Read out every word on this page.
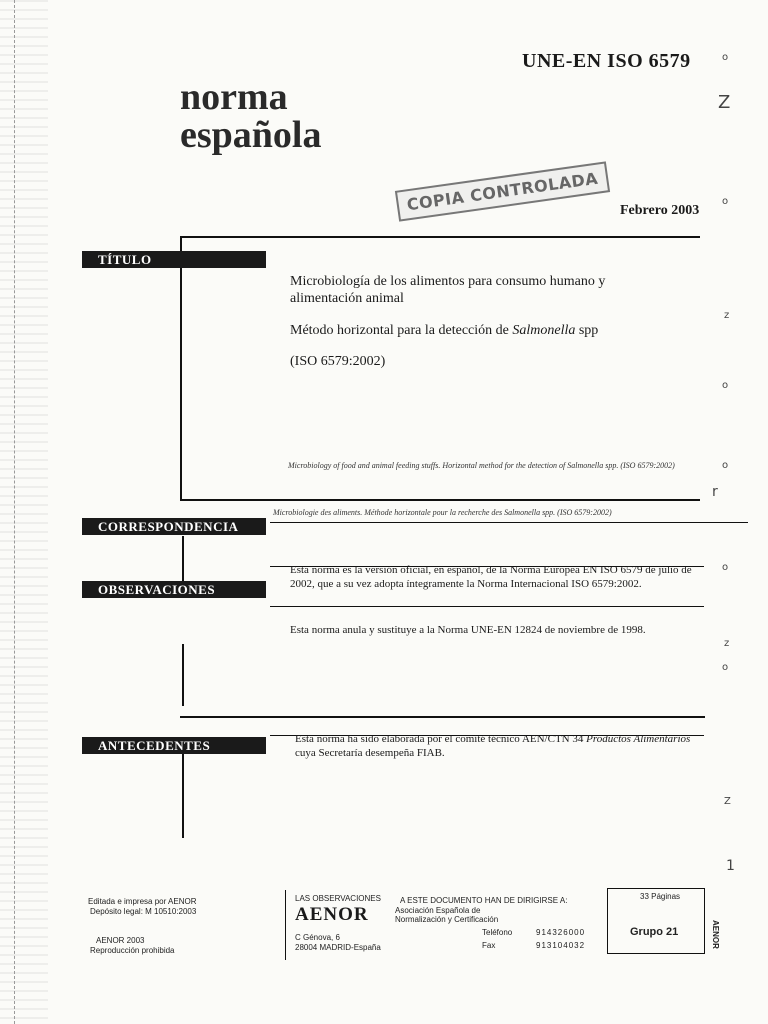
UNE-EN ISO 6579
norma
española
COPIA CONTROLADA	Febrero 2003
TÍTULO
CORRESPONDENCIA
OBSERVACIONES
ANTECEDENTES
Microbiología de los alimentos para consumo humano y alimentación animal
Método horizontal para la detección de Salmonella spp
(ISO 6579:2002)
Microbiology of food and animal feeding stuffs. Horizontal method for the detection of Salmonella spp. (ISO 6579:2002)
Microbiologie des aliments. Méthode horizontale pour la recherche des Salmonella spp. (ISO 6579:2002)
Esta norma es la versión oficial, en español, de la Norma Europea EN ISO 6579 de julio de 2002, que a su vez adopta íntegramente la Norma Internacional ISO 6579:2002.
Esta norma anula y sustituye a la Norma UNE-EN 12824 de noviembre de 1998.
Esta norma ha sido elaborada por el comité técnico AEN/CTN 34 Productos Alimentarios cuya Secretaría desempeña FIAB.
Editada e impresa por AENOR
Depósito legal: M 10510:2003
AENOR 2003
Reproducción prohibida
LAS OBSERVACIONES A ESTE DOCUMENTO HAN DE DIRIGIRSE A:
AENOR	Asociación Española de
Normalización y Certificación
C Génova, 6
28004 MADRID-España
Teléfono	914326000
Fax	913104032
33 Páginas
Grupo 21	AENOR
o
Z
o
z
o
o
r
o
z
o
Z
1
